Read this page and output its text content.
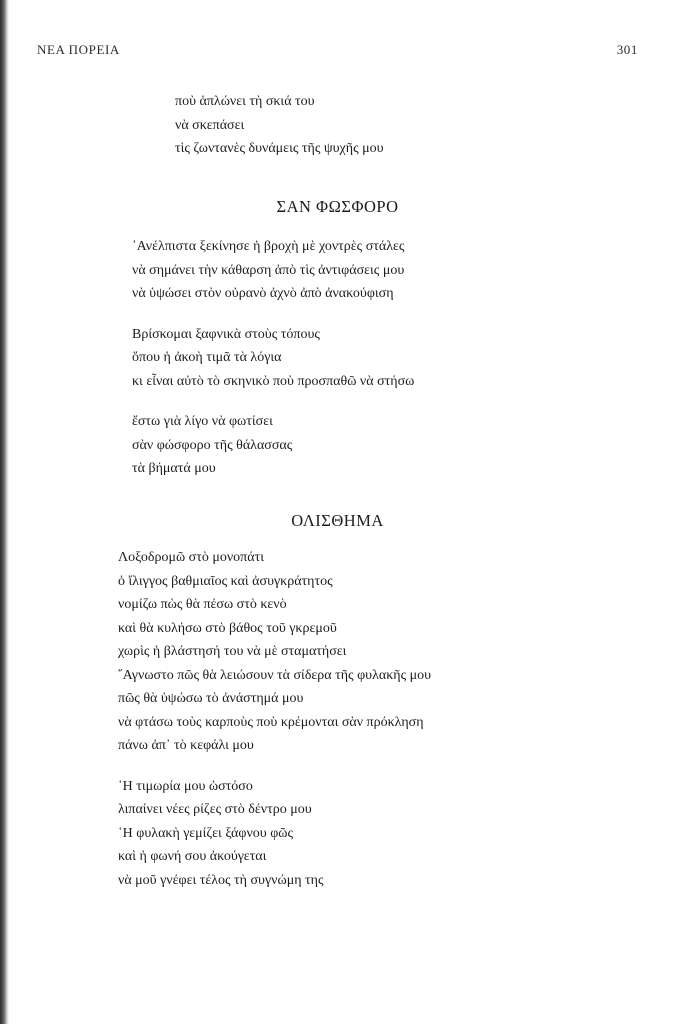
ΝΕΑ ΠΟΡΕΙΑ	301
ποὺ ἁπλώνει τὴ σκιά του
νὰ σκεπάσει
τὶς ζωντανὲς δυνάμεις τῆς ψυχῆς μου
ΣΑΝ ΦΩΣΦΟΡΟ
᾿Ανέλπιστα ξεκίνησε ἡ βροχὴ μὲ χοντρὲς στάλες
νὰ σημάνει τὴν κάθαρση ἀπὸ τὶς ἀντιφάσεις μου
νὰ ὑψώσει στὸν οὐρανὸ ἀχνὸ ἀπὸ ἀνακούφιση
Βρίσκομαι ξαφνικὰ στοὺς τόπους
ὅπου ἡ ἀκοὴ τιμᾶ τὰ λόγια
κι εἶναι αὐτὸ τὸ σκηνικὸ ποὺ προσπαθῶ νὰ στήσω
ἔστω γιὰ λίγο νὰ φωτίσει
σὰν φώσφορο τῆς θάλασσας
τὰ βήματά μου
ΟΛΙΣΘΗΜΑ
Λοξοδρομῶ στὸ μονοπάτι
ὁ ἴλιγγος βαθμιαῖος καὶ ἀσυγκράτητος
νομίζω πὼς θὰ πέσω στὸ κενὸ
καὶ θὰ κυλήσω στὸ βάθος τοῦ γκρεμοῦ
χωρὶς ἡ βλάστησή του νὰ μὲ σταματήσει
῎Αγνωστο πῶς θὰ λειώσουν τὰ σίδερα τῆς φυλακῆς μου
πῶς θὰ ὑψώσω τὸ ἀνάστημά μου
νὰ φτάσω τοὺς καρποὺς ποὺ κρέμονται σὰν πρόκληση
πάνω ἀπ᾿ τὸ κεφάλι μου
῾Η τιμωρία μου ὡστόσο
λιπαίνει νέες ρίζες στὸ δέντρο μου
῾Η φυλακὴ γεμίζει ξάφνου φῶς
καὶ ἡ φωνή σου ἀκούγεται
νὰ μοῦ γνέφει τέλος τὴ συγνώμη της
